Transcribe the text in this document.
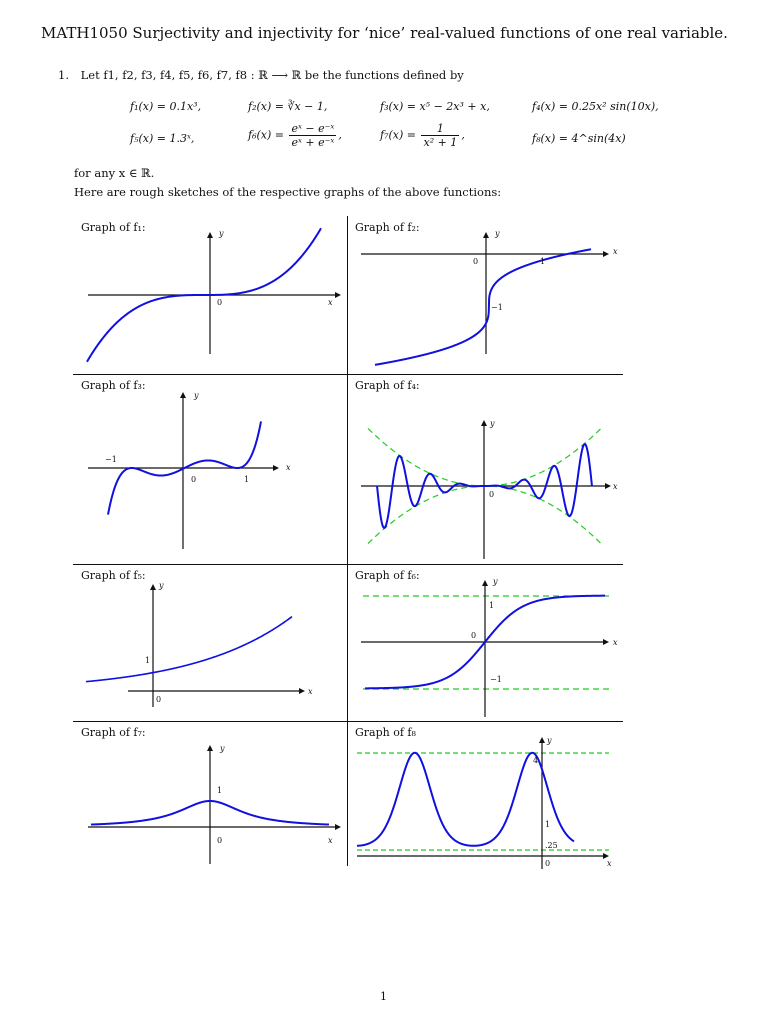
MATH1050 Surjectivity and injectivity for ‘nice’ real-valued functions of one real variable.
1. Let f1, f2, f3, f4, f5, f6, f7, f8 : ℝ ⟶ ℝ be the functions defined by
f₁(x) = 0.1x³,	f₂(x) = ∛x − 1,	f₃(x) = x⁵ − 2x³ + x,	f₄(x) = 0.25x² sin(10x),
f₅(x) = 1.3ˣ,	$f_6(x) = \frac{\text{eˣ − e⁻ˣ}}{\text{eˣ + e⁻ˣ}}$ ,	$f_7(x) = \frac{1}{\text{x² + 1}}$ ,	f₈(x) = 4^sin(4x)
for any x ∈ ℝ.
Here are rough sketches of the respective graphs of the above functions:
Graph of f₁:
0	x
y	Graph of f₂:
0	1
−1
x
y
Graph of f₃:
−1
0	1
x
y
Graph of f₄:
0
x
y
Graph of f₅:
1
0
x
y
Graph of f₆:
1
0
−1
x
y
Graph of f₇:
1
0	x
y
Graph of f₈
4
1
.25
0	x
y
1
